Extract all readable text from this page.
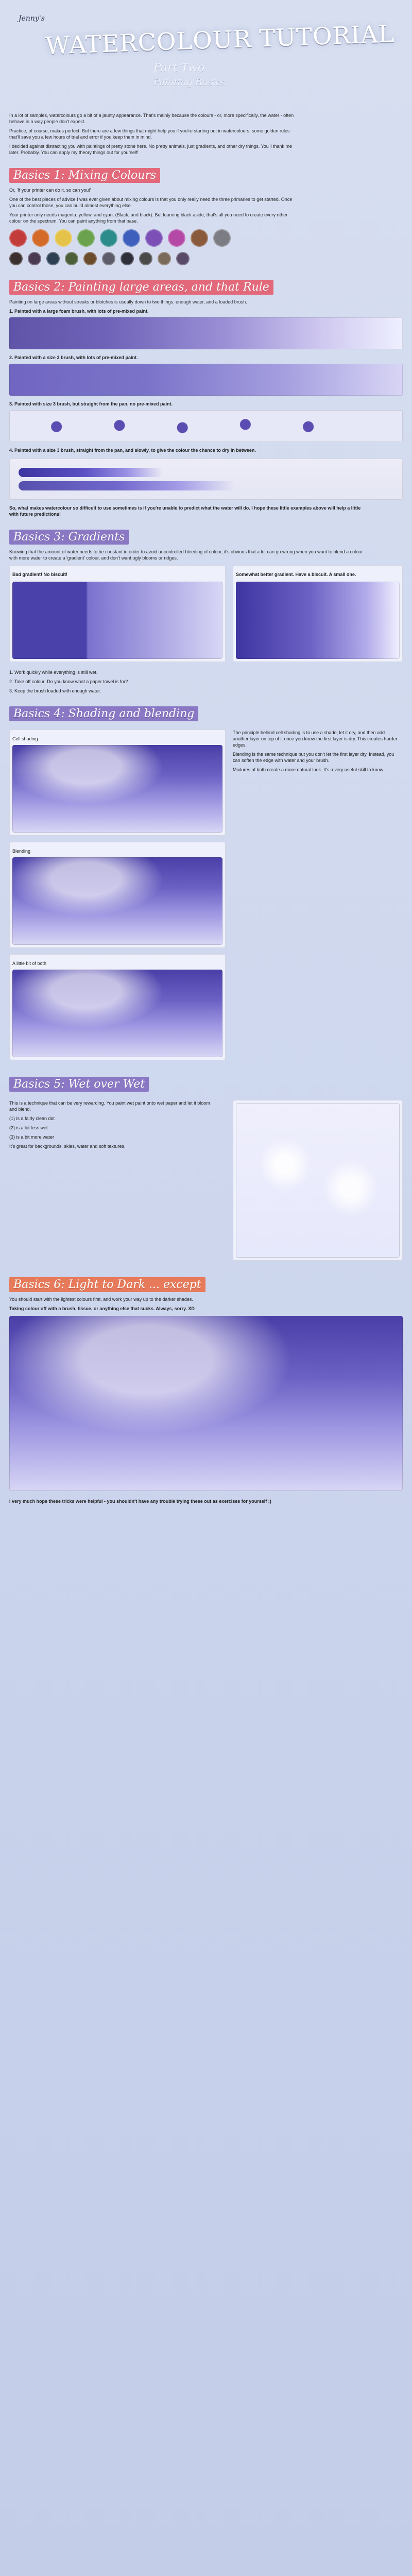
Jenny's
WATERCOLOUR TUTORIAL
Part Two
Painting Basics
In a lot of samples, watercolours go a bit of a jaunty appearance. That's mainly because the colours - or, more specifically, the water - often behave in a way people don't expect.
Practice, of course, makes perfect. But there are a few things that might help you if you're starting out in watercolours: some golden rules that'll save you a few hours of trial and error if you keep them in mind.
I decided against distracting you with paintings of pretty stone here. No pretty animals, just gradients, and other dry things. You'll thank me later. Probably. You can apply my theory things out for yourself!
Basics 1: Mixing Colours
Or, 'If your printer can do it, so can you!'
One of the best pieces of advice I was ever given about mixing colours is that you only really need the three primaries to get started. Once you can control those, you can build almost everything else.
Your printer only needs magenta, yellow, and cyan. (Black, and black). But learning black aside, that's all you need to create every other colour on the spectrum. You can paint anything from that base.
Basics 2: Painting large areas, and that Rule
Painting on large areas without streaks or blotches is usually down to two things: enough water, and a loaded brush.
1. Painted with a large foam brush, with lots of pre-mixed paint.
2. Painted with a size 3 brush, with lots of pre-mixed paint.
3. Painted with size 3 brush, but straight from the pan, no pre-mixed paint.
4. Painted with a size 3 brush, straight from the pan, and slowly, to give the colour the chance to dry in between.
So, what makes watercolour so difficult to use sometimes is if you're unable to predict what the water will do. I hope these little examples above will help a little with future predictions!
Basics 3: Gradients
Knowing that the amount of water needs to be constant in order to avoid uncontrolled bleeding of colour, it's obvious that a lot can go wrong when you want to blend a colour with more water to create a 'gradient' colour, and don't want ugly blooms or ridges.
Bad gradient! No biscuit!	Somewhat better gradient. Have a biscuit. A small one.
1. Work quickly while everything is still wet.
2. Take off colour: Do you know what a paper towel is for?
3. Keep the brush loaded with enough water.
Basics 4: Shading and blending
Cell shading
Blending
A little bit of both
The principle behind cell shading is to use a shade, let it dry, and then add another layer on top of it once you know the first layer is dry. This creates harder edges.
Blending is the same technique but you don't let the first layer dry. Instead, you can soften the edge with water and your brush.
Mixtures of both create a more natural look. It’s a very useful skill to know.
Basics 5: Wet over Wet
This is a technique that can be very rewarding. You paint wet paint onto wet paper and let it bloom and blend.
(1) is a fairly clean dot
(2) is a lot less wet
(3) is a bit more water
It’s great for backgrounds, skies, water and soft textures.
Basics 6: Light to Dark ... except
You should start with the lightest colours first, and work your way up to the darker shades.
Taking colour off with a brush, tissue, or anything else that sucks. Always, sorry. XD
I very much hope these tricks were helpful - you shouldn't have any trouble trying these out as exercises for yourself ;)
